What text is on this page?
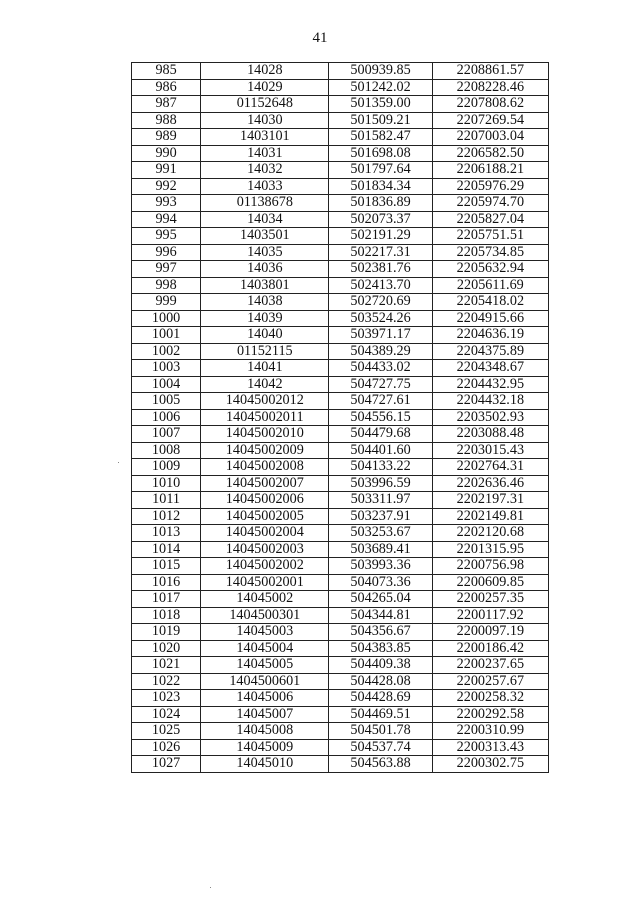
41
985	14028	500939.85	2208861.57
986	14029	501242.02	2208228.46
987	01152648	501359.00	2207808.62
988	14030	501509.21	2207269.54
989	1403101	501582.47	2207003.04
990	14031	501698.08	2206582.50
991	14032	501797.64	2206188.21
992	14033	501834.34	2205976.29
993	01138678	501836.89	2205974.70
994	14034	502073.37	2205827.04
995	1403501	502191.29	2205751.51
996	14035	502217.31	2205734.85
997	14036	502381.76	2205632.94
998	1403801	502413.70	2205611.69
999	14038	502720.69	2205418.02
1000	14039	503524.26	2204915.66
1001	14040	503971.17	2204636.19
1002	01152115	504389.29	2204375.89
1003	14041	504433.02	2204348.67
1004	14042	504727.75	2204432.95
1005	14045002012	504727.61	2204432.18
1006	14045002011	504556.15	2203502.93
1007	14045002010	504479.68	2203088.48
1008	14045002009	504401.60	2203015.43
1009	14045002008	504133.22	2202764.31
1010	14045002007	503996.59	2202636.46
1011	14045002006	503311.97	2202197.31
1012	14045002005	503237.91	2202149.81
1013	14045002004	503253.67	2202120.68
1014	14045002003	503689.41	2201315.95
1015	14045002002	503993.36	2200756.98
1016	14045002001	504073.36	2200609.85
1017	14045002	504265.04	2200257.35
1018	1404500301	504344.81	2200117.92
1019	14045003	504356.67	2200097.19
1020	14045004	504383.85	2200186.42
1021	14045005	504409.38	2200237.65
1022	1404500601	504428.08	2200257.67
1023	14045006	504428.69	2200258.32
1024	14045007	504469.51	2200292.58
1025	14045008	504501.78	2200310.99
1026	14045009	504537.74	2200313.43
1027	14045010	504563.88	2200302.75
